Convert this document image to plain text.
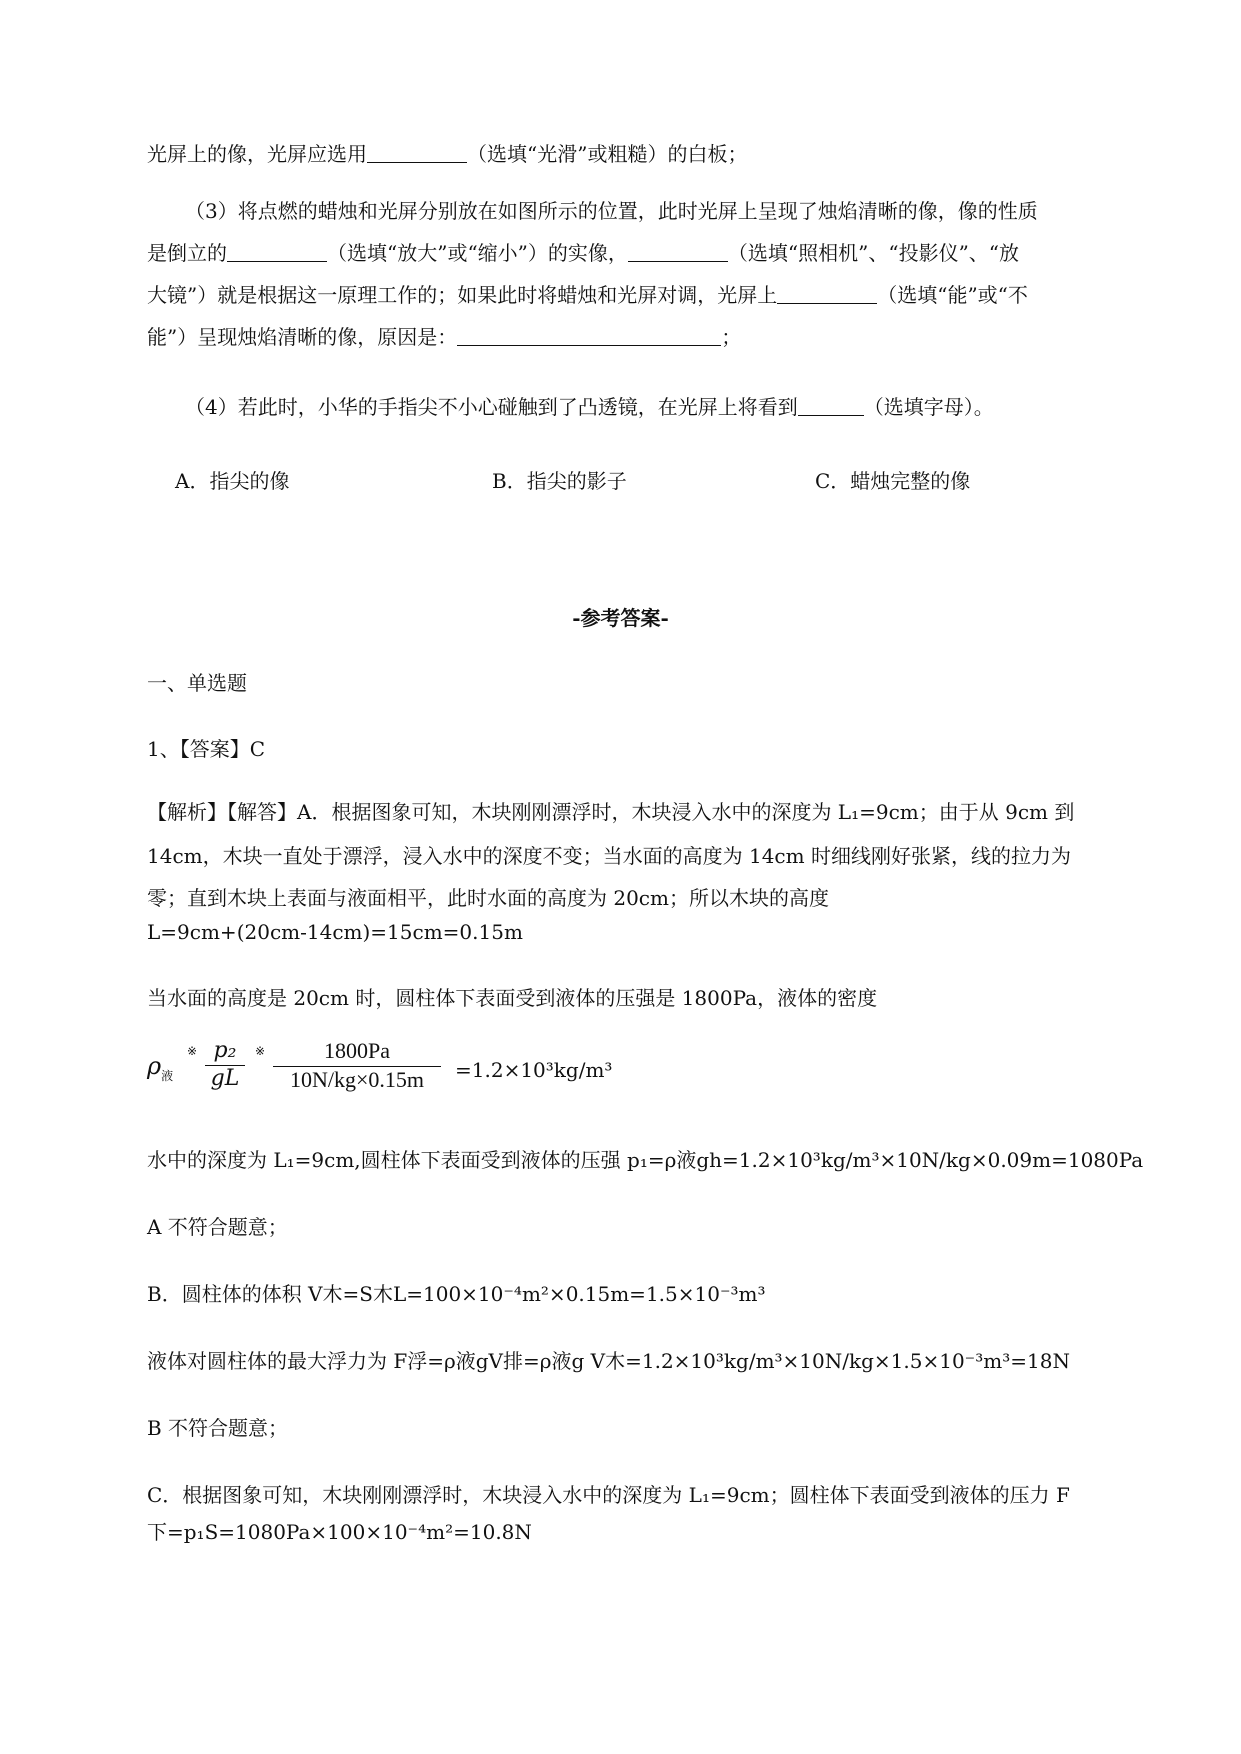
光屏上的像，光屏应选用	（选填“光滑”或粗糙）的白板；
（3）将点燃的蜡烛和光屏分别放在如图所示的位置，此时光屏上呈现了烛焰清晰的像，像的性质
是倒立的	（选填“放大”或“缩小”）的实像，	（选填“照相机”、“投影仪”、“放
大镜”）就是根据这一原理工作的；如果此时将蜡烛和光屏对调，光屏上	（选填“能”或“不
能”）呈现烛焰清晰的像，原因是：	；
（4）若此时，小华的手指尖不小心碰触到了凸透镜，在光屏上将看到	（选填字母）。
A．指尖的像	B．指尖的影子	C．蜡烛完整的像
-参考答案-
一、单选题
1、【答案】C
【解析】【解答】A．根据图象可知，木块刚刚漂浮时，木块浸入水中的深度为 L₁=9cm；由于从 9cm 到
14cm，木块一直处于漂浮，浸入水中的深度不变；当水面的高度为 14cm 时细线刚好张紧，线的拉力为
零；直到木块上表面与液面相平，此时水面的高度为 20cm；所以木块的高度
L=9cm+(20cm-14cm)=15cm=0.15m
当水面的高度是 20cm 时，圆柱体下表面受到液体的压强是 1800Pa，液体的密度
$\rho_液$
※ $\frac{\text{p₂}}{gL}$ ※ $\frac{1800Pa}{10N/kg\times 0.15m} =1.2\times 10^3kg/m^3$
水中的深度为 L₁=9cm,圆柱体下表面受到液体的压强 p₁=ρ液gh=1.2×10³kg/m³×10N/kg×0.09m=1080Pa
A 不符合题意；
B．圆柱体的体积 V木=S木L=100×10⁻⁴m²×0.15m=1.5×10⁻³m³
液体对圆柱体的最大浮力为 F浮=ρ液gV排=ρ液g V木=1.2×10³kg/m³×10N/kg×1.5×10⁻³m³=18N
B 不符合题意；
C．根据图象可知，木块刚刚漂浮时，木块浸入水中的深度为 L₁=9cm；圆柱体下表面受到液体的压力 F
下=p₁S=1080Pa×100×10⁻⁴m²=10.8N
